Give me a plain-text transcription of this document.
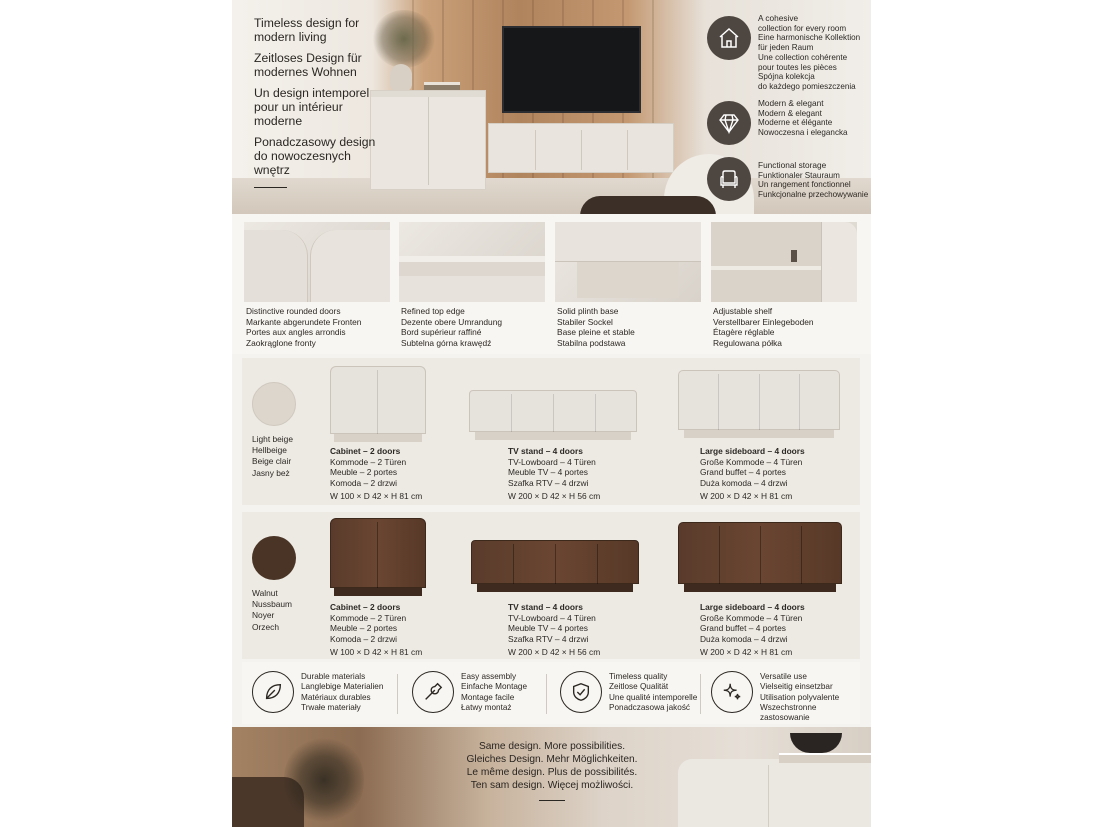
Timeless design for modern living
Zeitloses Design für modernes Wohnen
Un design intemporel pour un intérieur moderne
Ponadczasowy design do nowoczesnych wnętrz
A cohesive
collection for every room
Eine harmonische Kollektion
für jeden Raum
Une collection cohérente
pour toutes les pièces
Spójna kolekcja
do każdego pomieszczenia
Modern & elegant
Modern & elegant
Moderne et élégante
Nowoczesna i elegancka
Functional storage
Funktionaler Stauraum
Un rangement fonctionnel
Funkcjonalne przechowywanie
Distinctive rounded doors
Markante abgerundete Fronten
Portes aux angles arrondis
Zaokrąglone fronty
Refined top edge
Dezente obere Umrandung
Bord supérieur raffiné
Subtelna górna krawędź
Solid plinth base
Stabiler Sockel
Base pleine et stable
Stabilna podstawa
Adjustable shelf
Verstellbarer Einlegeboden
Étagère réglable
Regulowana półka
Light beige
Hellbeige
Beige clair
Jasny beż
Cabinet – 2 doors
Kommode – 2 Türen
Meuble – 2 portes
Komoda – 2 drzwi
W 100 × D 42 × H 81 cm
TV stand – 4 doors
TV-Lowboard – 4 Türen
Meuble TV – 4 portes
Szafka RTV – 4 drzwi
W 200 × D 42 × H 56 cm
Large sideboard – 4 doors
Große Kommode – 4 Türen
Grand buffet – 4 portes
Duża komoda – 4 drzwi
W 200 × D 42 × H 81 cm
Walnut
Nussbaum
Noyer
Orzech
Cabinet – 2 doors
Kommode – 2 Türen
Meuble – 2 portes
Komoda – 2 drzwi
W 100 × D 42 × H 81 cm
TV stand – 4 doors
TV-Lowboard – 4 Türen
Meuble TV – 4 portes
Szafka RTV – 4 drzwi
W 200 × D 42 × H 56 cm
Large sideboard – 4 doors
Große Kommode – 4 Türen
Grand buffet – 4 portes
Duża komoda – 4 drzwi
W 200 × D 42 × H 81 cm
Durable materials
Langlebige Materialien
Matériaux durables
Trwałe materiały
Easy assembly
Einfache Montage
Montage facile
Łatwy montaż
Timeless quality
Zeitlose Qualität
Une qualité intemporelle
Ponadczasowa jakość
Versatile use
Vielseitig einsetzbar
Utilisation polyvalente
Wszechstronne zastosowanie
Same design. More possibilities.
Gleiches Design. Mehr Möglichkeiten.
Le même design. Plus de possibilités.
Ten sam design. Więcej możliwości.
